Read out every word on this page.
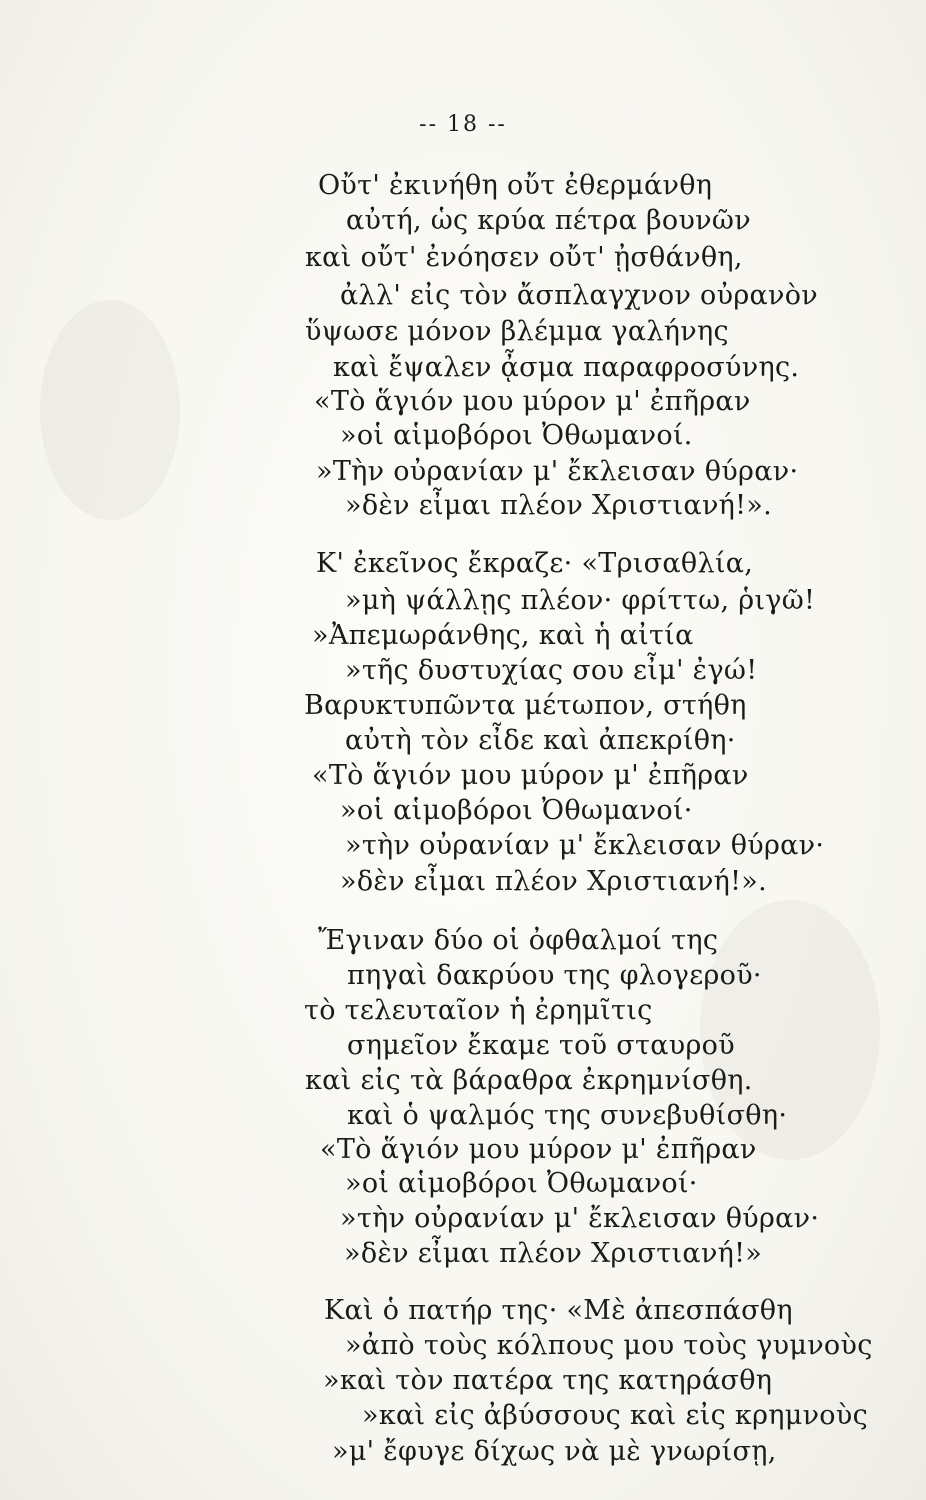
-- 18 --
Οὔτ' ἐκινήθη οὔτ ἐθερμάνθη
αὐτή, ὡς κρύα πέτρα βουνῶν
καὶ οὔτ' ἐνόησεν οὔτ' ᾐσθάνθη,
ἀλλ' εἰς τὸν ἄσπλαγχνον οὐρανὸν
ὕψωσε μόνον βλέμμα γαλήνης
καὶ ἔψαλεν ᾆσμα παραφροσύνης.
«Τὸ ἅγιόν μου μύρον μ' ἐπῆραν
»οἱ αἱμοβόροι Ὀθωμανοί.
»Τὴν οὐρανίαν μ' ἔκλεισαν θύραν·
»δὲν εἶμαι πλέον Χριστιανή!».
Κ' ἐκεῖνος ἔκραζε· «Τρισαθλία,
»μὴ ψάλλῃς πλέον· φρίττω, ῥιγῶ!
»Ἀπεμωράνθης, καὶ ἡ αἰτία
»τῆς δυστυχίας σου εἶμ' ἐγώ!
Βαρυκτυπῶντα μέτωπον, στήθη
αὐτὴ τὸν εἶδε καὶ ἀπεκρίθη·
«Τὸ ἅγιόν μου μύρον μ' ἐπῆραν
»οἱ αἱμοβόροι Ὀθωμανοί·
»τὴν οὐρανίαν μ' ἔκλεισαν θύραν·
»δὲν εἶμαι πλέον Χριστιανή!».
Ἔγιναν δύο οἱ ὀφθαλμοί της
πηγαὶ δακρύου της φλογεροῦ·
τὸ τελευταῖον ἡ ἐρημῖτις
σημεῖον ἔκαμε τοῦ σταυροῦ
καὶ εἰς τὰ βάραθρα ἐκρημνίσθη.
καὶ ὁ ψαλμός της συνεβυθίσθη·
«Τὸ ἅγιόν μου μύρον μ' ἐπῆραν
»οἱ αἱμοβόροι Ὀθωμανοί·
»τὴν οὐρανίαν μ' ἔκλεισαν θύραν·
»δὲν εἶμαι πλέον Χριστιανή!»
Καὶ ὁ πατήρ της· «Μὲ ἀπεσπάσθη
»ἀπὸ τοὺς κόλπους μου τοὺς γυμνοὺς
»καὶ τὸν πατέρα της κατηράσθη
»καὶ εἰς ἀβύσσους καὶ εἰς κρημνοὺς
»μ' ἔφυγε δίχως νὰ μὲ γνωρίσῃ,
